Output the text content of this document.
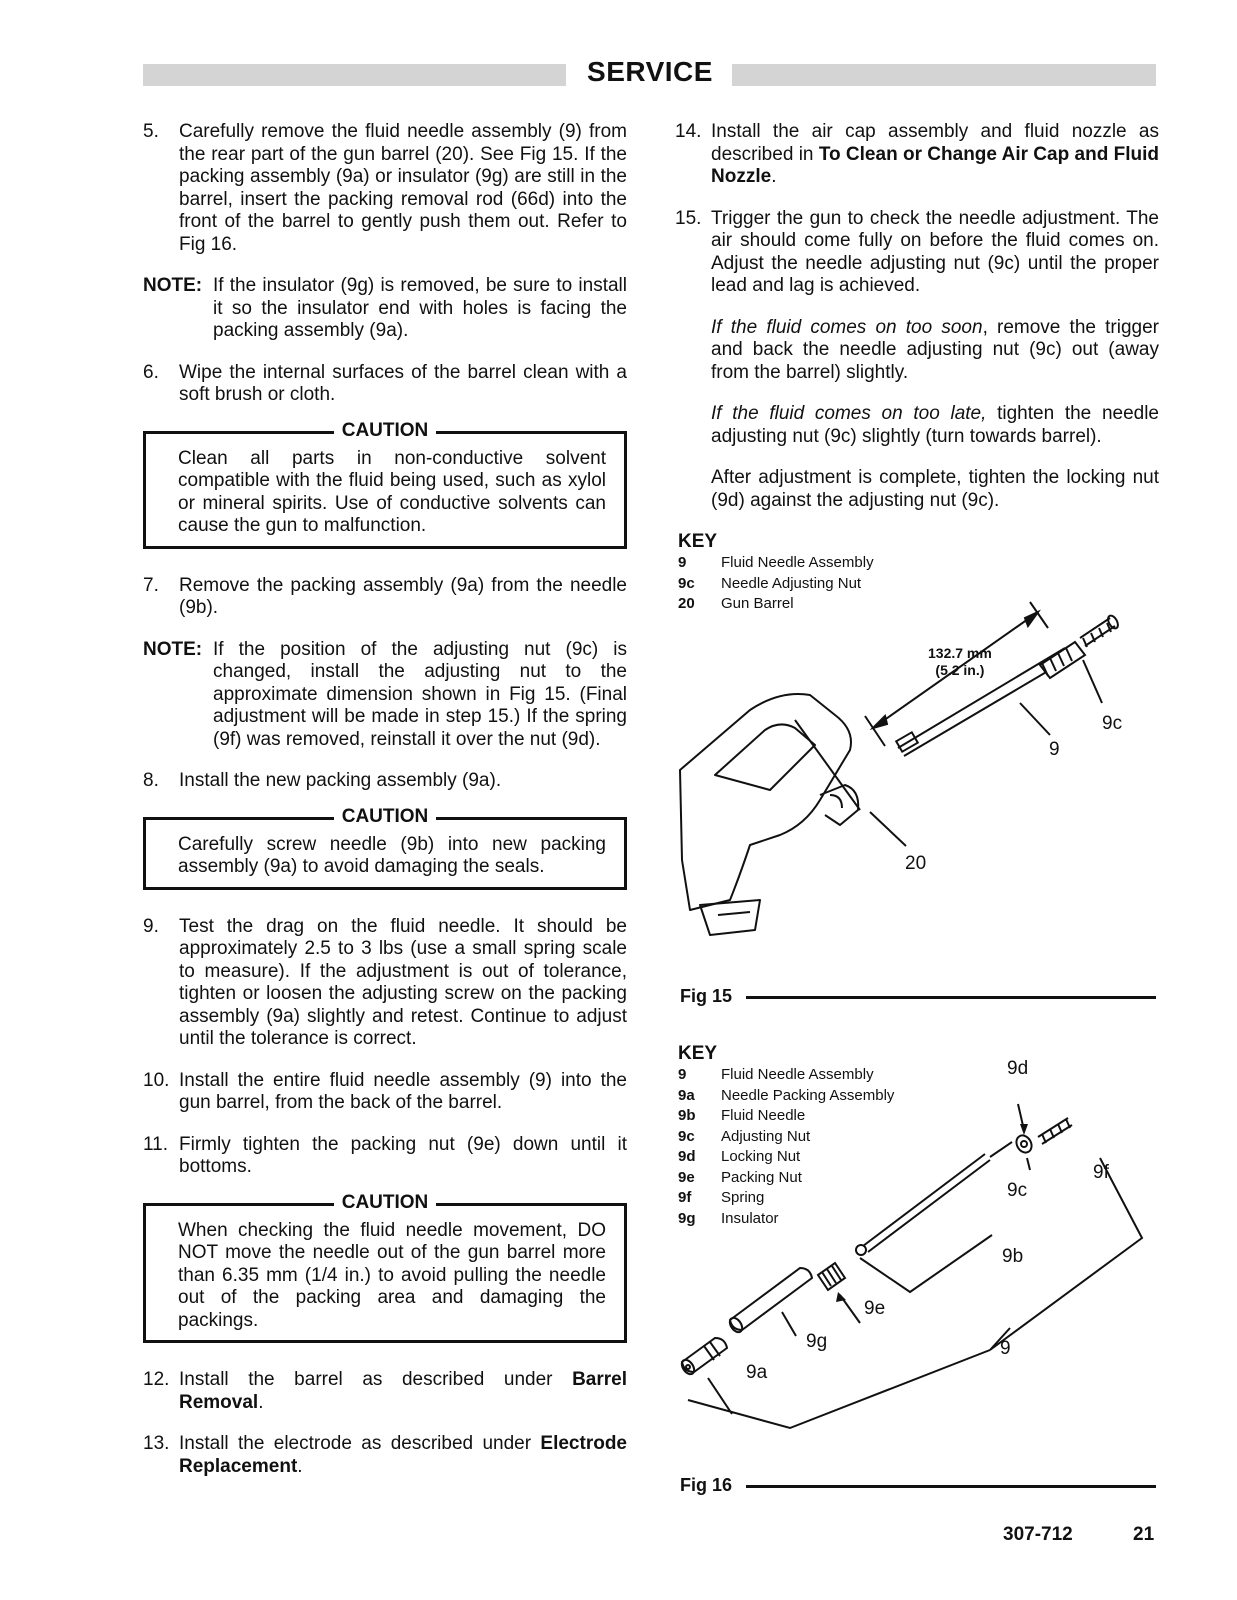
SERVICE
5.	Carefully remove the fluid needle assembly (9) from the rear part of the gun barrel (20). See Fig 15. If the packing assembly (9a) or insulator (9g) are still in the barrel, insert the packing removal rod (66d) into the front of the barrel to gently push them out. Refer to Fig 16.
NOTE: If the insulator (9g) is removed, be sure to install it so the insulator end with holes is facing the packing assembly (9a).
6.	Wipe the internal surfaces of the barrel clean with a soft brush or cloth.
CAUTION
Clean all parts in non-conductive solvent compatible with the fluid being used, such as xylol or mineral spirits. Use of conductive solvents can cause the gun to malfunction.
7.	Remove the packing assembly (9a) from the needle (9b).
NOTE: If the position of the adjusting nut (9c) is changed, install the adjusting nut to the approximate dimension shown in Fig 15. (Final adjustment will be made in step 15.) If the spring (9f) was removed, reinstall it over the nut (9d).
8.	Install the new packing assembly (9a).
CAUTION
Carefully screw needle (9b) into new packing assembly (9a) to avoid damaging the seals.
9.	Test the drag on the fluid needle. It should be approximately 2.5 to 3 lbs (use a small spring scale to measure). If the adjustment is out of tolerance, tighten or loosen the adjusting screw on the packing assembly (9a) slightly and retest. Continue to adjust until the tolerance is correct.
10. Install the entire fluid needle assembly (9) into the gun barrel, from the back of the barrel.
11. Firmly tighten the packing nut (9e) down until it bottoms.
CAUTION
When checking the fluid needle movement, DO NOT move the needle out of the gun barrel more than 6.35 mm (1/4 in.) to avoid pulling the needle out of the packing area and damaging the packings.
12. Install the barrel as described under Barrel Removal.
13. Install the electrode as described under Electrode Replacement.
14. Install the air cap assembly and fluid nozzle as described in To Clean or Change Air Cap and Fluid Nozzle.
15. Trigger the gun to check the needle adjustment. The air should come fully on before the fluid comes on. Adjust the needle adjusting nut (9c) until the proper lead and lag is achieved.
If the fluid comes on too soon, remove the trigger and back the needle adjusting nut (9c) out (away from the barrel) slightly.
If the fluid comes on too late, tighten the needle adjusting nut (9c) slightly (turn towards barrel).
After adjustment is complete, tighten the locking nut (9d) against the adjusting nut (9c).
KEY
9	Fluid Needle Assembly
9c	Needle Adjusting Nut
20	Gun Barrel
132.7 mm
(5.2 in.)
9c
9
20
Fig 15
KEY
9	Fluid Needle Assembly
9a	Needle Packing Assembly
9b	Fluid Needle
9c	Adjusting Nut
9d	Locking Nut
9e	Packing Nut
9f	Spring
9g	Insulator
9d
9f
9c
9b
9e
9g	9
9a
Fig 16
307-712	21
